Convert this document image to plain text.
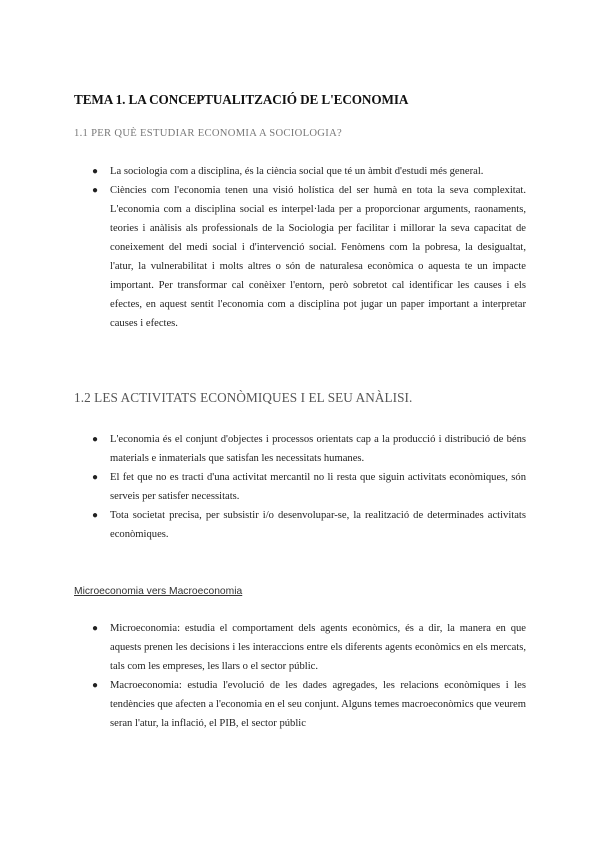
TEMA 1. LA CONCEPTUALITZACIÓ DE L'ECONOMIA
1.1 PER QUÈ ESTUDIAR ECONOMIA A SOCIOLOGIA?
● La sociologia com a disciplina, és la ciència social que té un àmbit d'estudi més general.
● Ciències com l'economia tenen una visió holística del ser humà en tota la seva complexitat. L'economia com a disciplina social es interpel·lada per a proporcionar arguments, raonaments, teories i anàlisis als professionals de la Sociologia per facilitar i millorar la seva capacitat de coneixement del medi social i d'intervenció social. Fenòmens com la pobresa, la desigualtat, l'atur, la vulnerabilitat i molts altres o són de naturalesa econòmica o aquesta te un impacte important. Per transformar cal conèixer l'entorn, però sobretot cal identificar les causes i els efectes, en aquest sentit l'economia com a disciplina pot jugar un paper important a interpretar causes i efectes.
1.2 LES ACTIVITATS ECONÒMIQUES I EL SEU ANÀLISI.
● L'economia és el conjunt d'objectes i processos orientats cap a la producció i distribució de béns materials e inmaterials que satisfan les necessitats humanes.
● El fet que no es tracti d'una activitat mercantil no li resta que siguin activitats econòmiques, són serveis per satisfer necessitats.
● Tota societat precisa, per subsistir i/o desenvolupar-se, la realització de determinades activitats econòmiques.
Microeconomia vers Macroeconomia
● Microeconomia: estudia el comportament dels agents econòmics, és a dir, la manera en que aquests prenen les decisions i les interaccions entre els diferents agents econòmics en els mercats, tals com les empreses, les llars o el sector públic.
● Macroeconomia: estudia l'evolució de les dades agregades, les relacions econòmiques i les tendències que afecten a l'economia en el seu conjunt. Alguns temes macroeconòmics que veurem seran l'atur, la inflació, el PIB, el sector públic
